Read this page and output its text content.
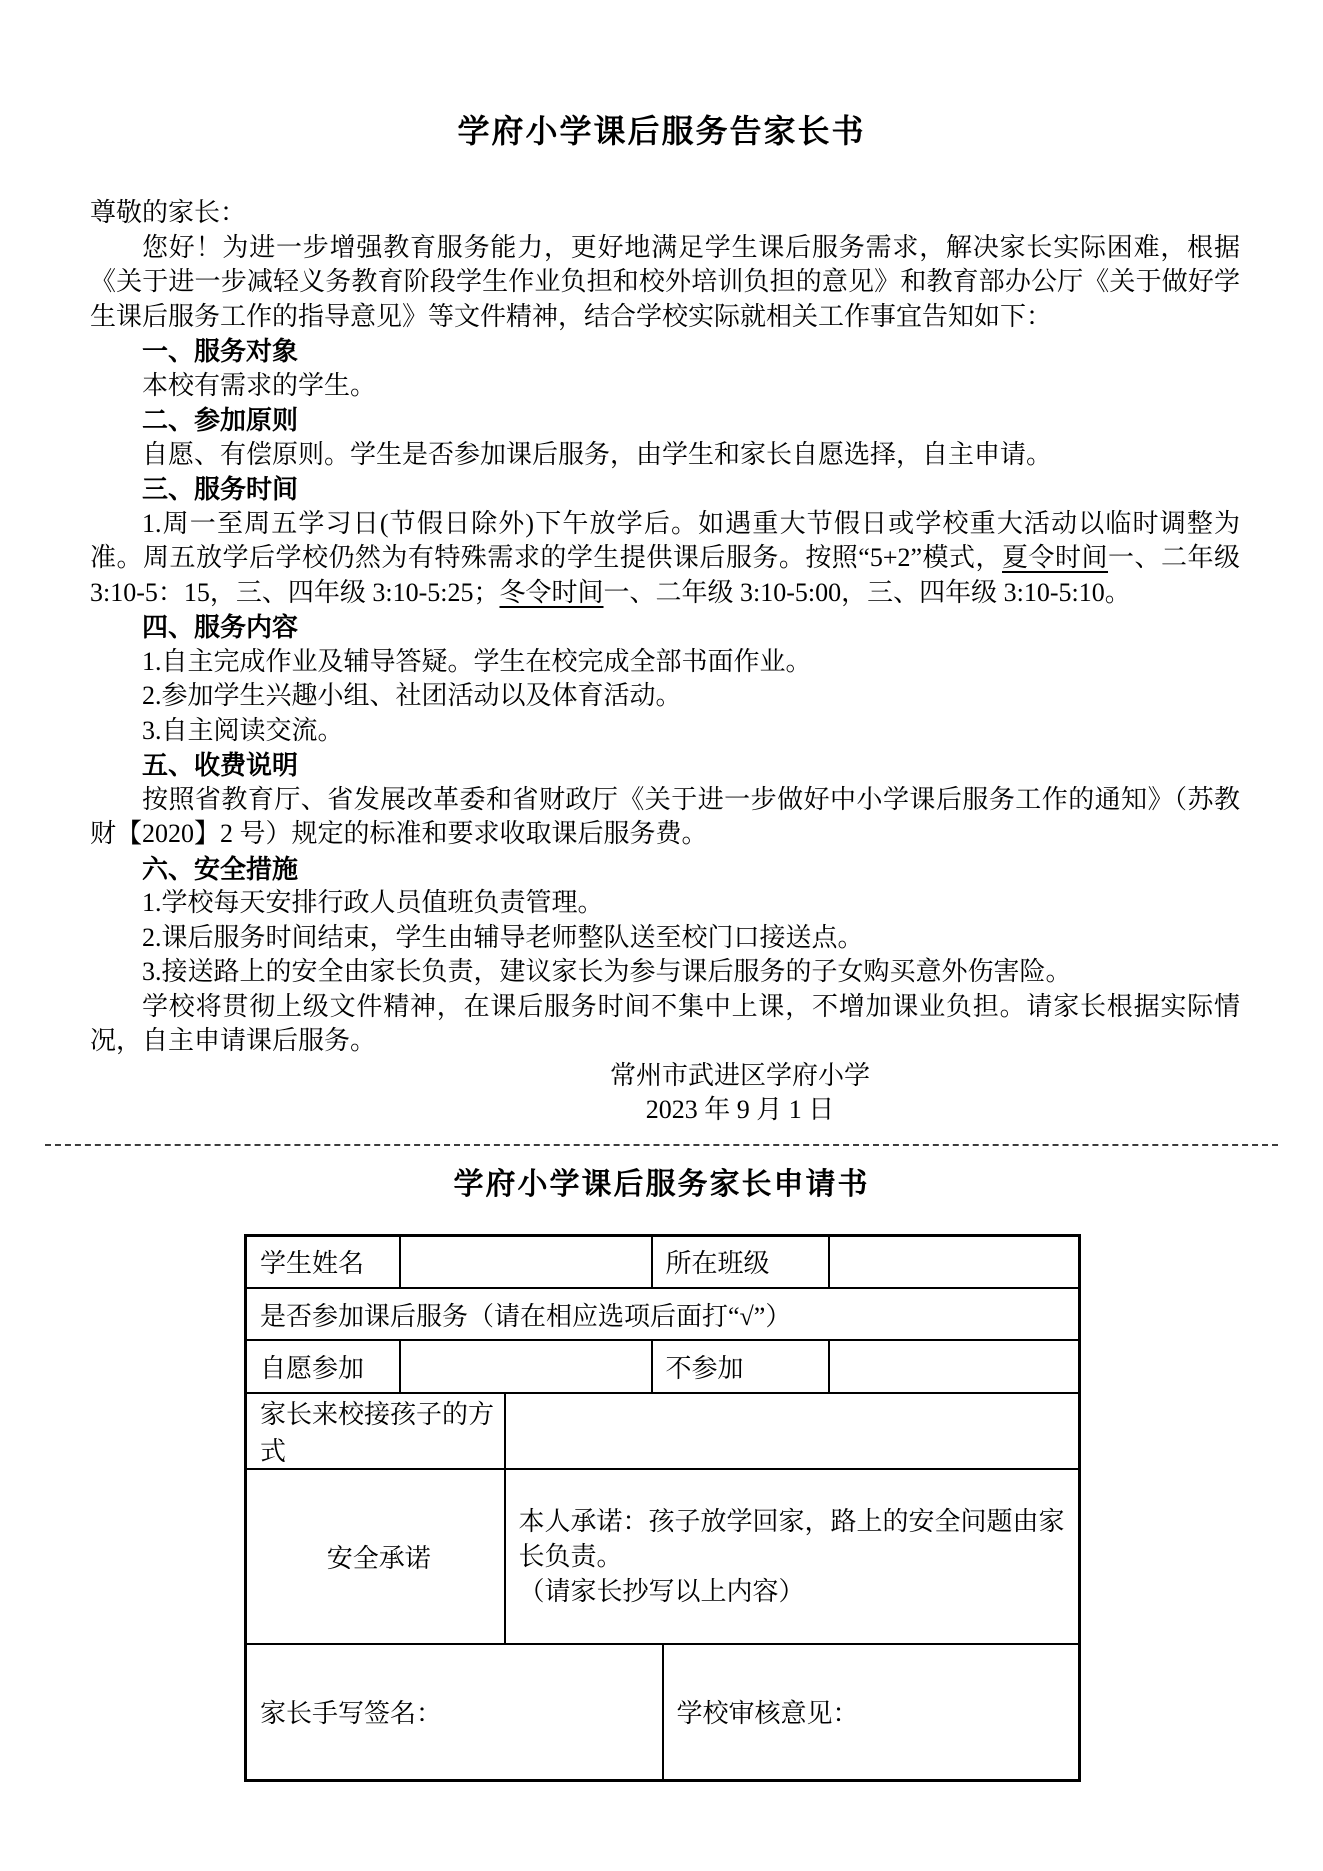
学府小学课后服务告家长书

尊敬的家长：

您好！为进一步增强教育服务能力，更好地满足学生课后服务需求，解决家长实际困难，根据《关于进一步减轻义务教育阶段学生作业负担和校外培训负担的意见》和教育部办公厅《关于做好学生课后服务工作的指导意见》等文件精神，结合学校实际就相关工作事宜告知如下：

一、服务对象

本校有需求的学生。

二、参加原则

自愿、有偿原则。学生是否参加课后服务，由学生和家长自愿选择，自主申请。

三、服务时间

1.周一至周五学习日(节假日除外)下午放学后。如遇重大节假日或学校重大活动以临时调整为准。周五放学后学校仍然为有特殊需求的学生提供课后服务。按照“5+2”模式，夏令时间一、二年级 3:10-5：15，三、四年级 3:10-5:25；冬令时间一、二年级 3:10-5:00，三、四年级 3:10-5:10。

四、服务内容

1.自主完成作业及辅导答疑。学生在校完成全部书面作业。

2.参加学生兴趣小组、社团活动以及体育活动。

3.自主阅读交流。

五、收费说明

按照省教育厅、省发展改革委和省财政厅《关于进一步做好中小学课后服务工作的通知》（苏教财【2020】2 号）规定的标准和要求收取课后服务费。

六、安全措施

1.学校每天安排行政人员值班负责管理。

2.课后服务时间结束，学生由辅导老师整队送至校门口接送点。

3.接送路上的安全由家长负责，建议家长为参与课后服务的子女购买意外伤害险。

学校将贯彻上级文件精神，在课后服务时间不集中上课，不增加课业负担。请家长根据实际情况，自主申请课后服务。

常州市武进区学府小学

2023 年 9 月 1 日

学府小学课后服务家长申请书
学生姓名			所在班级		
是否参加课后服务（请在相应选项后面打“√”）					
自愿参加			不参加		
家长来校接孩子的方式					
安全承诺		本人承诺：孩子放学回家，路上的安全问题由家长负责。
（请家长抄写以上内容）			

家长手写签名：				学校审核意见：	
